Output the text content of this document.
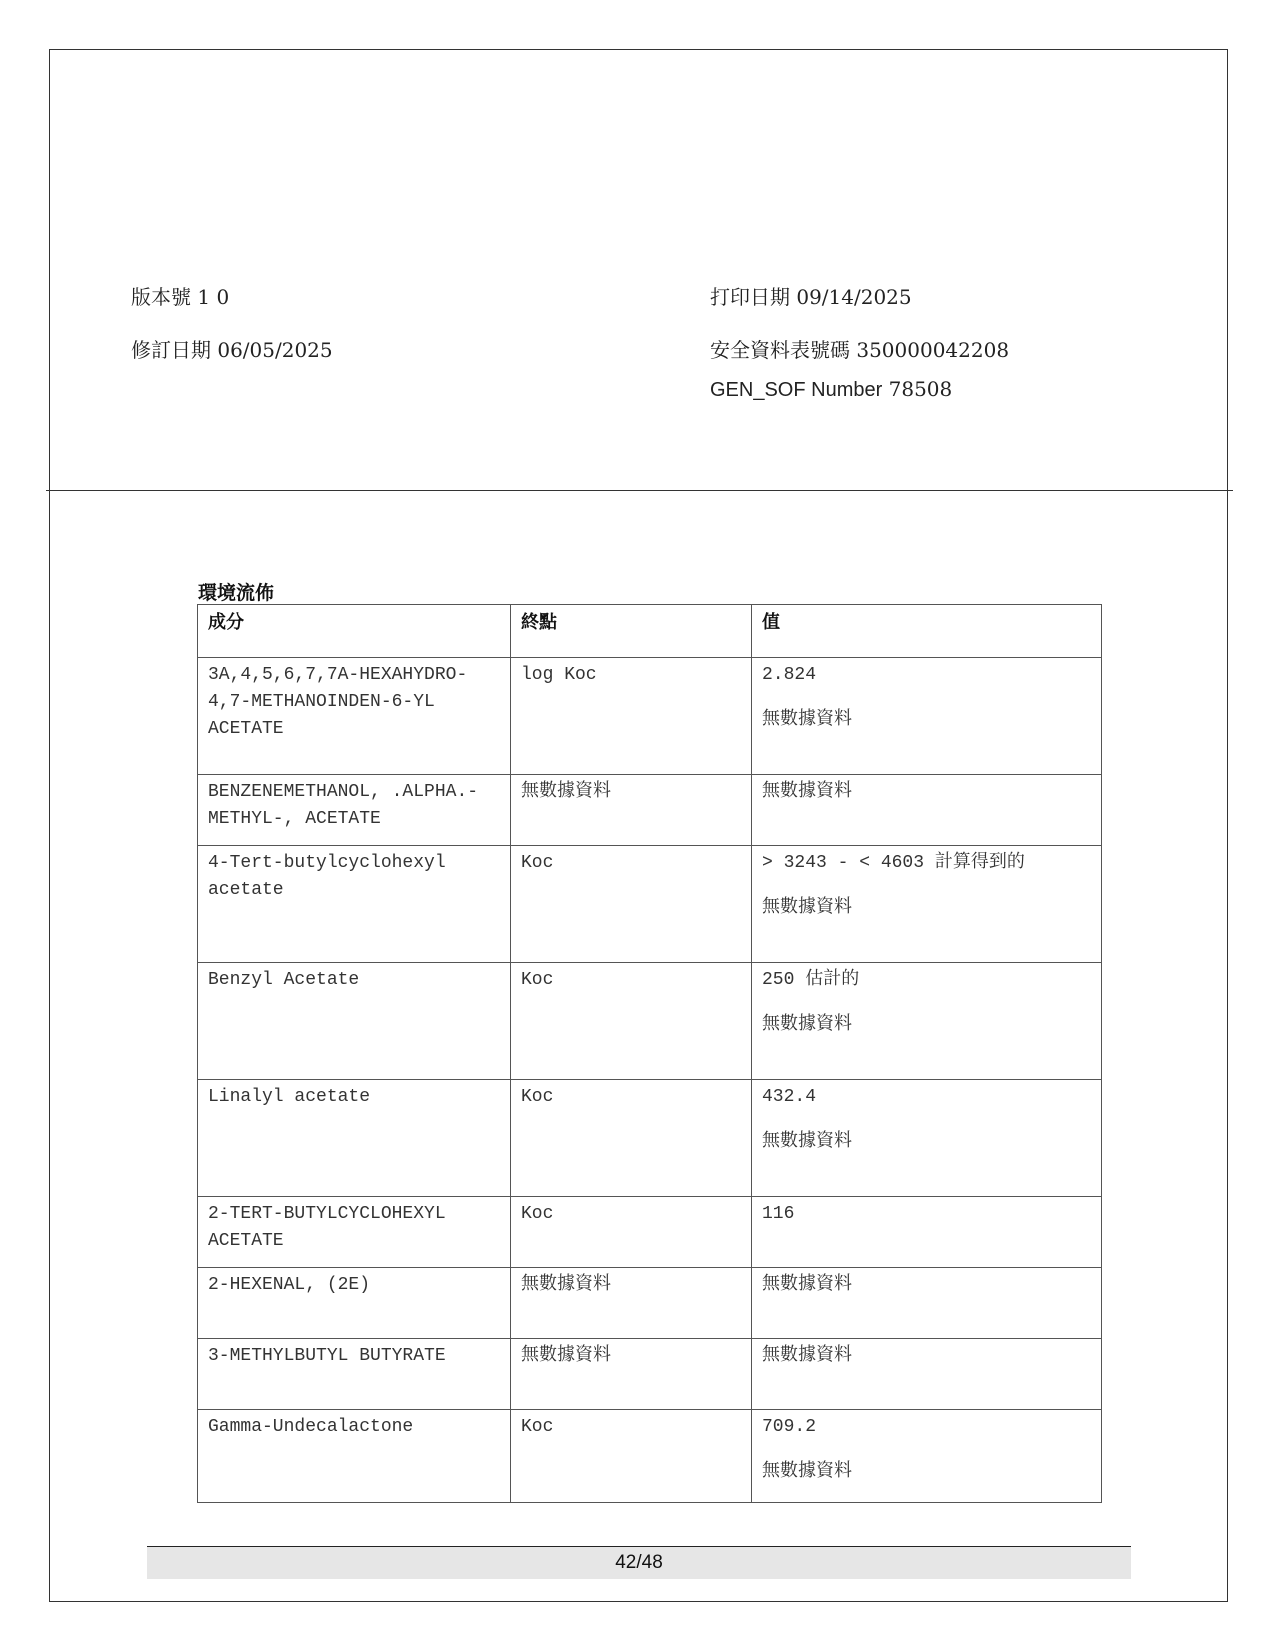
版本號 1 0
修訂日期 06/05/2025
打印日期 09/14/2025
安全資料表號碼 350000042208
GEN_SOF Number 78508
環境流佈
成分	終點	值
3A,4,5,6,7,7A-HEXAHYDRO-4,7-METHANOINDEN-6-YL ACETATE	log Koc	2.824
無數據資料

BENZENEMETHANOL, .ALPHA.-METHYL-, ACETATE	無數據資料	無數據資料
4-Tert-butylcyclohexyl acetate	Koc	> 3243 - < 4603 計算得到的
無數據資料

Benzyl Acetate	Koc	250 估計的
無數據資料

Linalyl acetate	Koc	432.4
無數據資料

2-TERT-BUTYLCYCLOHEXYL ACETATE	Koc	116
2-HEXENAL, (2E)	無數據資料	無數據資料
3-METHYLBUTYL BUTYRATE	無數據資料	無數據資料
Gamma-Undecalactone	Koc	709.2
無數據資料
42/48
